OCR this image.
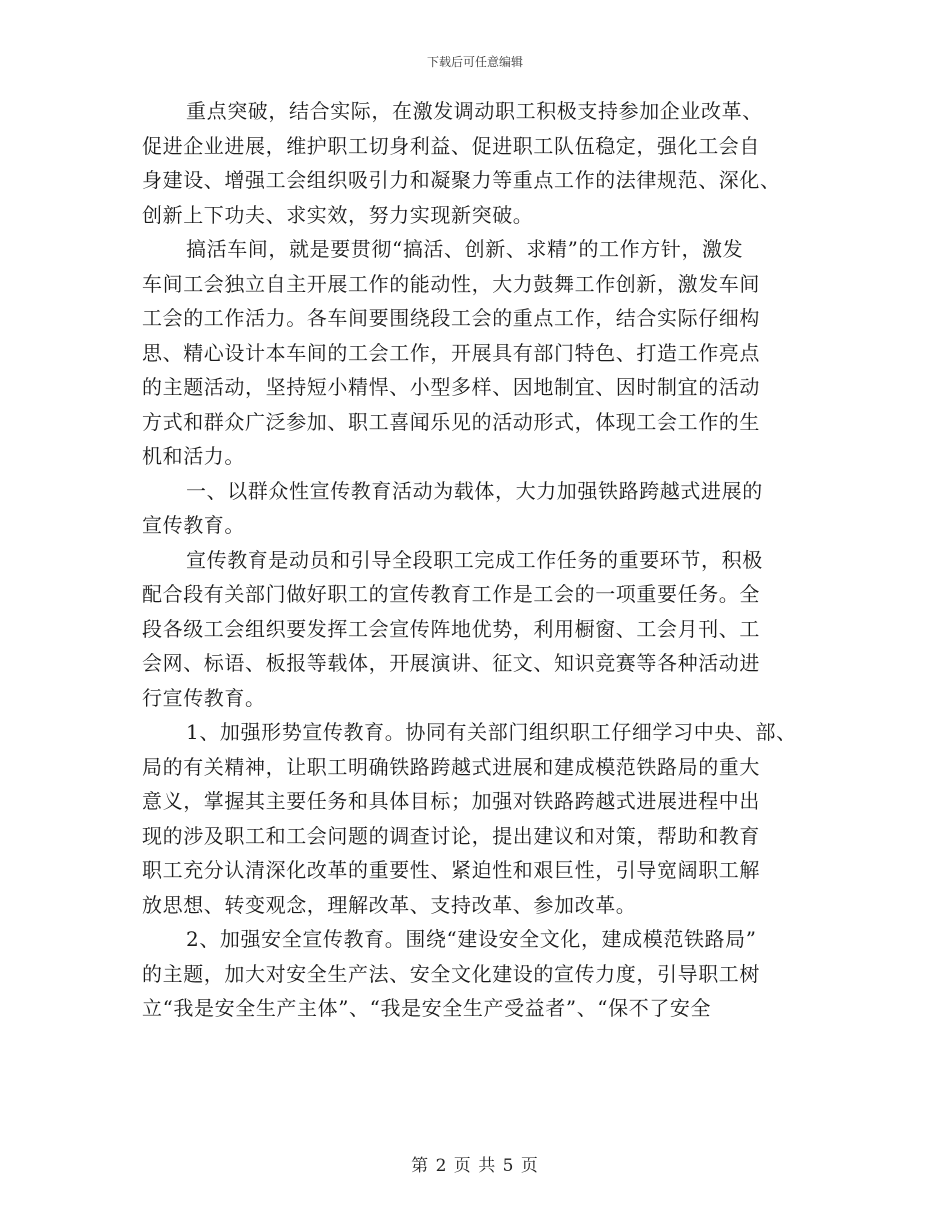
下载后可任意编辑
重点突破，结合实际，在激发调动职工积极支持参加企业改革、
促进企业进展，维护职工切身利益、促进职工队伍稳定，强化工会自
身建设、增强工会组织吸引力和凝聚力等重点工作的法律规范、深化、
创新上下功夫、求实效，努力实现新突破。
搞活车间，就是要贯彻“搞活、创新、求精”的工作方针，激发
车间工会独立自主开展工作的能动性，大力鼓舞工作创新，激发车间
工会的工作活力。各车间要围绕段工会的重点工作，结合实际仔细构
思、精心设计本车间的工会工作，开展具有部门特色、打造工作亮点
的主题活动，坚持短小精悍、小型多样、因地制宜、因时制宜的活动
方式和群众广泛参加、职工喜闻乐见的活动形式，体现工会工作的生
机和活力。
一、以群众性宣传教育活动为载体，大力加强铁路跨越式进展的
宣传教育。
宣传教育是动员和引导全段职工完成工作任务的重要环节，积极
配合段有关部门做好职工的宣传教育工作是工会的一项重要任务。全
段各级工会组织要发挥工会宣传阵地优势，利用橱窗、工会月刊、工
会网、标语、板报等载体，开展演讲、征文、知识竞赛等各种活动进
行宣传教育。
1、加强形势宣传教育。协同有关部门组织职工仔细学习中央、部、
局的有关精神，让职工明确铁路跨越式进展和建成模范铁路局的重大
意义，掌握其主要任务和具体目标；加强对铁路跨越式进展进程中出
现的涉及职工和工会问题的调查讨论，提出建议和对策，帮助和教育
职工充分认清深化改革的重要性、紧迫性和艰巨性，引导宽阔职工解
放思想、转变观念，理解改革、支持改革、参加改革。
2、加强安全宣传教育。围绕“建设安全文化，建成模范铁路局”
的主题，加大对安全生产法、安全文化建设的宣传力度，引导职工树
立“我是安全生产主体”、“我是安全生产受益者”、“保不了安全
第 2 页 共 5 页
